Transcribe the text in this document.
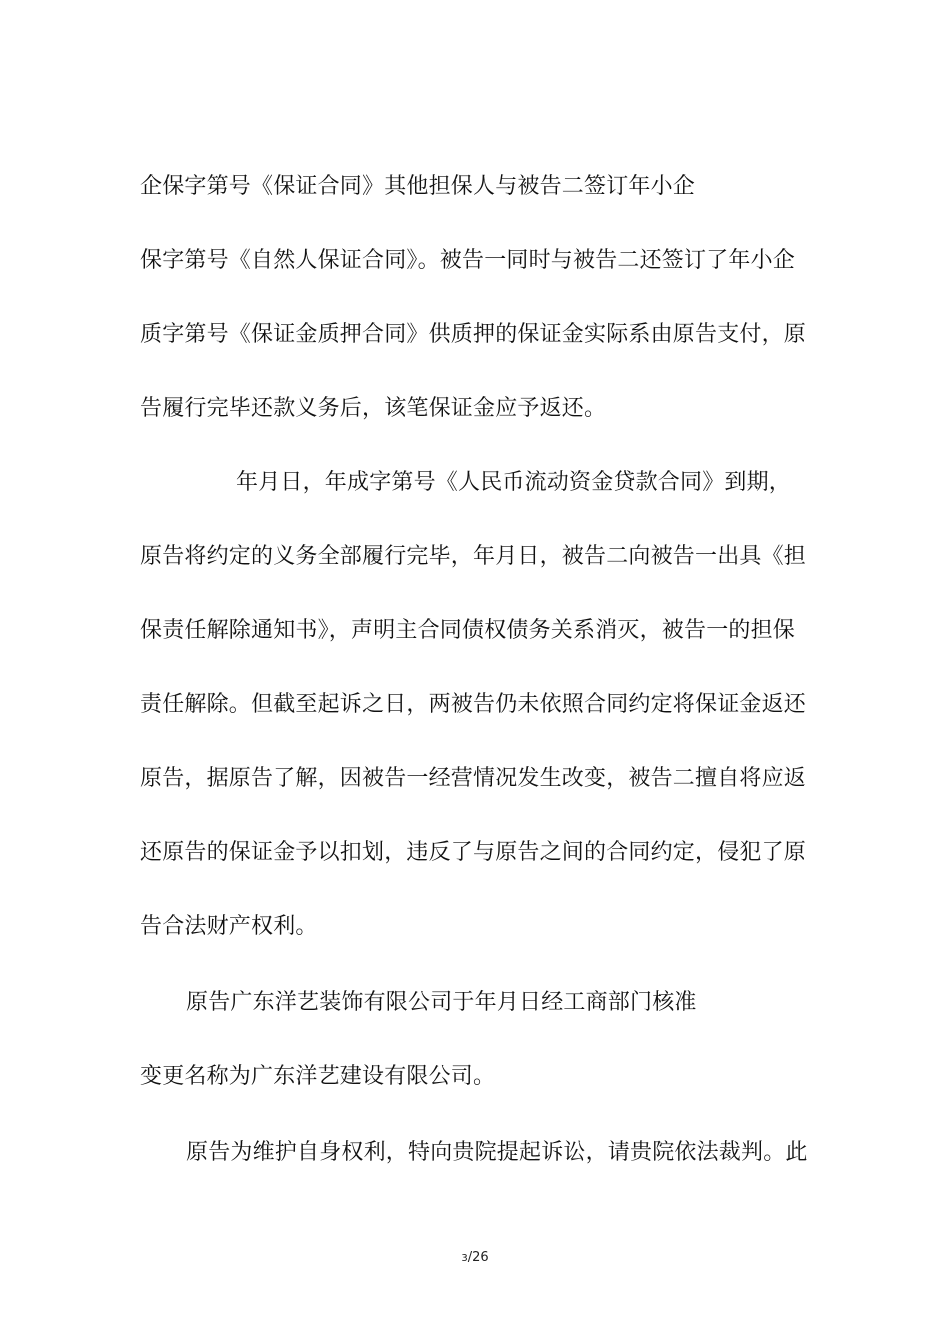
企保字第号《保证合同》其他担保人与被告二签订年小企
保字第号《自然人保证合同》。被告一同时与被告二还签订了年小企
质字第号《保证金质押合同》供质押的保证金实际系由原告支付，原
告履行完毕还款义务后，该笔保证金应予返还。
年月日，年成字第号《人民币流动资金贷款合同》到期，
原告将约定的义务全部履行完毕，年月日，被告二向被告一出具《担
保责任解除通知书》，声明主合同债权债务关系消灭，被告一的担保
责任解除。但截至起诉之日，两被告仍未依照合同约定将保证金返还
原告，据原告了解，因被告一经营情况发生改变，被告二擅自将应返
还原告的保证金予以扣划，违反了与原告之间的合同约定，侵犯了原
告合法财产权利。
原告广东洋艺装饰有限公司于年月日经工商部门核准
变更名称为广东洋艺建设有限公司。
原告为维护自身权利，特向贵院提起诉讼，请贵院依法裁判。此
3/26
